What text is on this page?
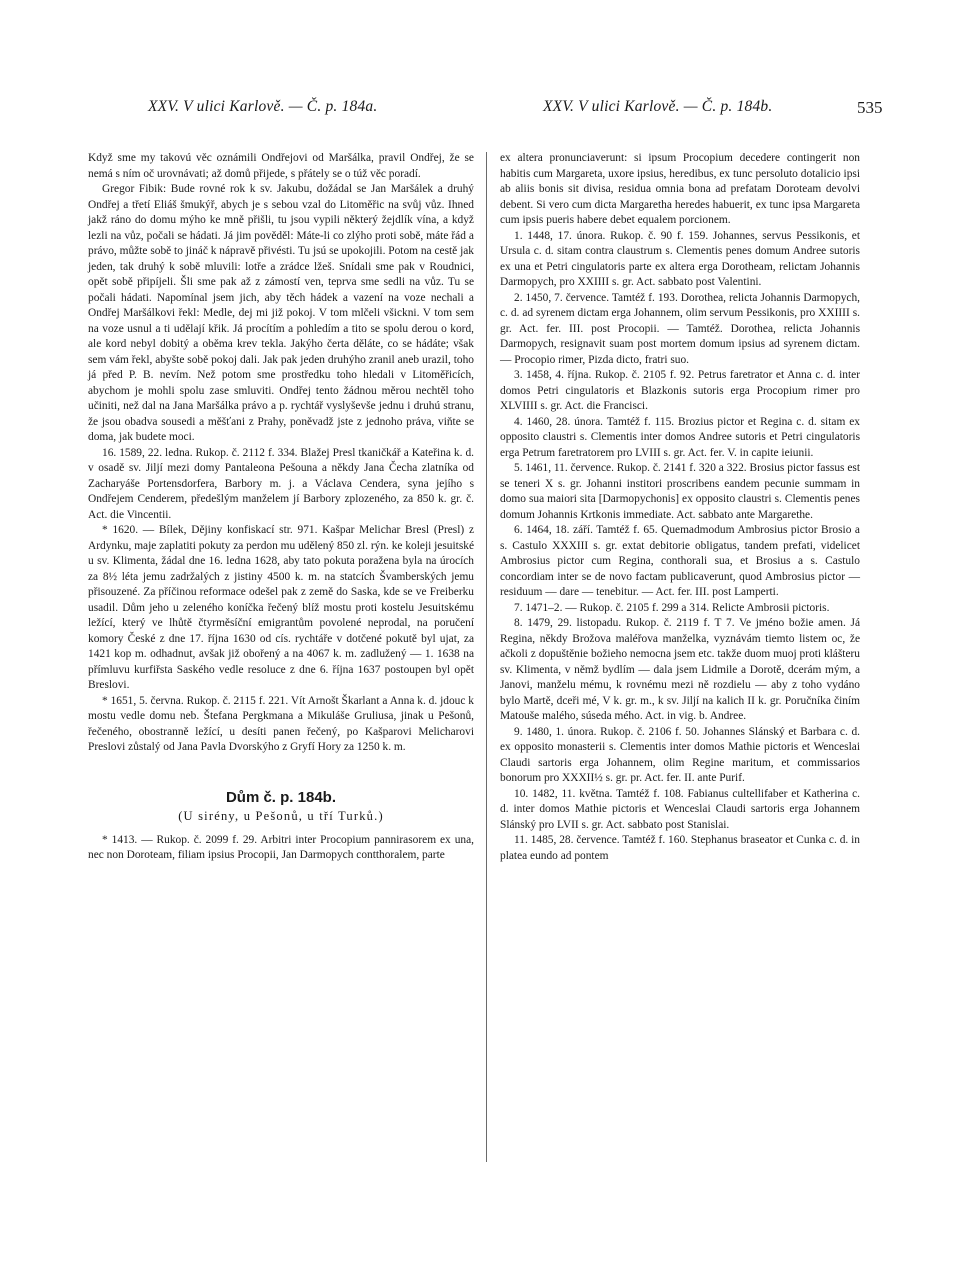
XXV. V ulici Karlově. — Č. p. 184a.	XXV. V ulici Karlově. — Č. p. 184b.	535

Když sme my takovú věc oznámili Ondřejovi od Maršálka, pravil Ondřej, že se nemá s ním oč urovnávati; až domů přijede, s přátely se o túž věc poradí.

Gregor Fibik: Bude rovné rok k sv. Jakubu, dožádal se Jan Maršálek a druhý Ondřej a třetí Eliáš šmukýř, abych je s sebou vzal do Litoměřic na svůj vůz. Ihned jakž ráno do domu mýho ke mně přišli, tu jsou vypili některý žejdlík vína, a když lezli na vůz, počali se hádati. Já jim pověděl: Máte-li co zlýho proti sobě, máte řád a právo, můžte sobě to jináč k nápravě přivésti. Tu jsú se upokojili. Potom na cestě jak jeden, tak druhý k sobě mluvili: lotře a zrádce lžeš. Snídali sme pak v Roudnici, opět sobě připíjeli. Šli sme pak až z zámostí ven, teprva sme sedli na vůz. Tu se počali hádati. Napomínal jsem jich, aby těch hádek a vazení na voze nechali a Ondřej Maršálkovi řekl: Medle, dej mi již pokoj. V tom mlčeli všickni. V tom sem na voze usnul a ti udělají křik. Já procítím a pohledím a tito se spolu derou o kord, ale kord nebyl dobitý a oběma krev tekla. Jakýho čerta děláte, co se hádáte; však sem vám řekl, abyšte sobě pokoj dali. Jak pak jeden druhýho zranil aneb urazil, toho já před P. B. nevím. Než potom sme prostředku toho hledali v Litoměřicích, abychom je mohli spolu zase smluviti. Ondřej tento žádnou měrou nechtěl toho učiniti, než dal na Jana Maršálka právo a p. rychtář vyslyševše jednu i druhú stranu, že jsou obadva sousedi a měšťani z Prahy, poněvadž jste z jednoho práva, viňte se doma, jak budete moci.

16. 1589, 22. ledna. Rukop. č. 2112 f. 334. Blažej Presl tkaničkář a Kateřina k. d. v osadě sv. Jiljí mezi domy Pantaleona Pešouna a někdy Jana Čecha zlatníka od Zacharyáše Portensdorfera, Barbory m. j. a Václava Cendera, syna jejího s Ondřejem Cenderem, předešlým manželem jí Barbory zplozeného, za 850 k. gr. č. Act. die Vincentii.

* 1620. — Bílek, Dějiny konfiskací str. 971. Kašpar Melichar Bresl (Presl) z Ardynku, maje zaplatiti pokuty za perdon mu udělený 850 zl. rýn. ke koleji jesuitské u sv. Klimenta, žádal dne 16. ledna 1628, aby tato pokuta poražena byla na úrocích za 8½ léta jemu zadržalých z jistiny 4500 k. m. na statcích Švamberských jemu přisouzené. Za příčinou reformace odešel pak z země do Saska, kde se ve Freiberku usadil. Dům jeho u zeleného koníčka řečený blíž mostu proti kostelu Jesuitskému ležící, který ve lhůtě čtyrměsíční emigrantům povolené neprodal, na poručení komory České z dne 17. října 1630 od cís. rychtáře v dotčené pokutě byl ujat, za 1421 kop m. odhadnut, avšak již obořený a na 4067 k. m. zadlužený — 1. 1638 na přímluvu kurfiřsta Saského vedle resoluce z dne 6. října 1637 postoupen byl opět Breslovi.

* 1651, 5. června. Rukop. č. 2115 f. 221. Vít Arnošt Škarlant a Anna k. d. jdouc k mostu vedle domu neb. Štefana Pergkmana a Mikuláše Gruliusa, jinak u Pešonů, řečeného, obostranně ležící, u desíti panen řečený, po Kašparovi Melicharovi Preslovi zůstalý od Jana Pavla Dvorskýho z Gryfí Hory za 1250 k. m.

Dům č. p. 184b.
(U sirény, u Pešonů, u tří Turků.)

* 1413. — Rukop. č. 2099 f. 29. Arbitri inter Procopium pannirasorem ex una, nec non Doroteam, filiam ipsius Procopii, Jan Darmopych contthoralem, parte

ex altera pronunciaverunt: si ipsum Procopium decedere contingerit non habitis cum Margareta, uxore ipsius, heredibus, ex tunc persoluto dotalicio ipsi ab aliis bonis sit divisa, residua omnia bona ad prefatam Doroteam devolvi debent. Si vero cum dicta Margaretha heredes habuerit, ex tunc ipsa Margareta cum ipsis pueris habere debet equalem porcionem.

1. 1448, 17. února. Rukop. č. 90 f. 159. Johannes, servus Pessikonis, et Ursula c. d. sitam contra claustrum s. Clementis penes domum Andree sutoris ex una et Petri cingulatoris parte ex altera erga Dorotheam, relictam Johannis Darmopych, pro XXIIII s. gr. Act. sabbato post Valentini.

2. 1450, 7. července. Tamtéž f. 193. Dorothea, relicta Johannis Darmopych, c. d. ad syrenem dictam erga Johannem, olim servum Pessikonis, pro XXIIII s. gr. Act. fer. III. post Procopii. — Tamtéž. Dorothea, relicta Johannis Darmopych, resignavit suam post mortem domum ipsius ad syrenem dictam. — Procopio rimer, Pizda dicto, fratri suo.

3. 1458, 4. října. Rukop. č. 2105 f. 92. Petrus faretrator et Anna c. d. inter domos Petri cingulatoris et Blazkonis sutoris erga Procopium rimer pro XLVIIII s. gr. Act. die Francisci.

4. 1460, 28. února. Tamtéž f. 115. Brozius pictor et Regina c. d. sitam ex opposito claustri s. Clementis inter domos Andree sutoris et Petri cingulatoris erga Petrum faretratorem pro LVIII s. gr. Act. fer. V. in capite ieiunii.

5. 1461, 11. července. Rukop. č. 2141 f. 320 a 322. Brosius pictor fassus est se teneri X s. gr. Johanni institori proscribens eandem pecunie summam in domo sua maiori sita [Darmopychonis] ex opposito claustri s. Clementis penes domum Johannis Krtkonis immediate. Act. sabbato ante Margarethe.

6. 1464, 18. září. Tamtéž f. 65. Quemadmodum Ambrosius pictor Brosio a s. Castulo XXXIII s. gr. extat debitorie obligatus, tandem prefati, videlicet Ambrosius pictor cum Regina, conthorali sua, et Brosius a s. Castulo concordiam inter se de novo factam publicaverunt, quod Ambrosius pictor — residuum — dare — tenebitur. — Act. fer. III. post Lamperti.

7. 1471–2. — Rukop. č. 2105 f. 299 a 314. Relicte Ambrosii pictoris.

8. 1479, 29. listopadu. Rukop. č. 2119 f. T 7. Ve jméno božie amen. Já Regina, někdy Brožova maléřova manželka, vyznávám tiemto listem oc, že ačkoli z dopuštěnie božieho nemocna jsem etc. takže duom muoj proti klášteru sv. Klimenta, v němž bydlím — dala jsem Lidmile a Dorotě, dcerám mým, a Janovi, manželu mému, k rovnému mezi ně rozdielu — aby z toho vydáno bylo Martě, dceři mé, V k. gr. m., k sv. Jiljí na kalich II k. gr. Poručníka činím Matouše malého, súseda mého. Act. in vig. b. Andree.

9. 1480, 1. února. Rukop. č. 2106 f. 50. Johannes Slánský et Barbara c. d. ex opposito monasterii s. Clementis inter domos Mathie pictoris et Wenceslai Claudi sartoris erga Johannem, olim Regine maritum, et commissarios bonorum pro XXXII½ s. gr. pr. Act. fer. II. ante Purif.

10. 1482, 11. května. Tamtéž f. 108. Fabianus cultellifaber et Katherina c. d. inter domos Mathie pictoris et Wenceslai Claudi sartoris erga Johannem Slánský pro LVII s. gr. Act. sabbato post Stanislai.

11. 1485, 28. července. Tamtéž f. 160. Stephanus braseator et Cunka c. d. in platea eundo ad pontem
